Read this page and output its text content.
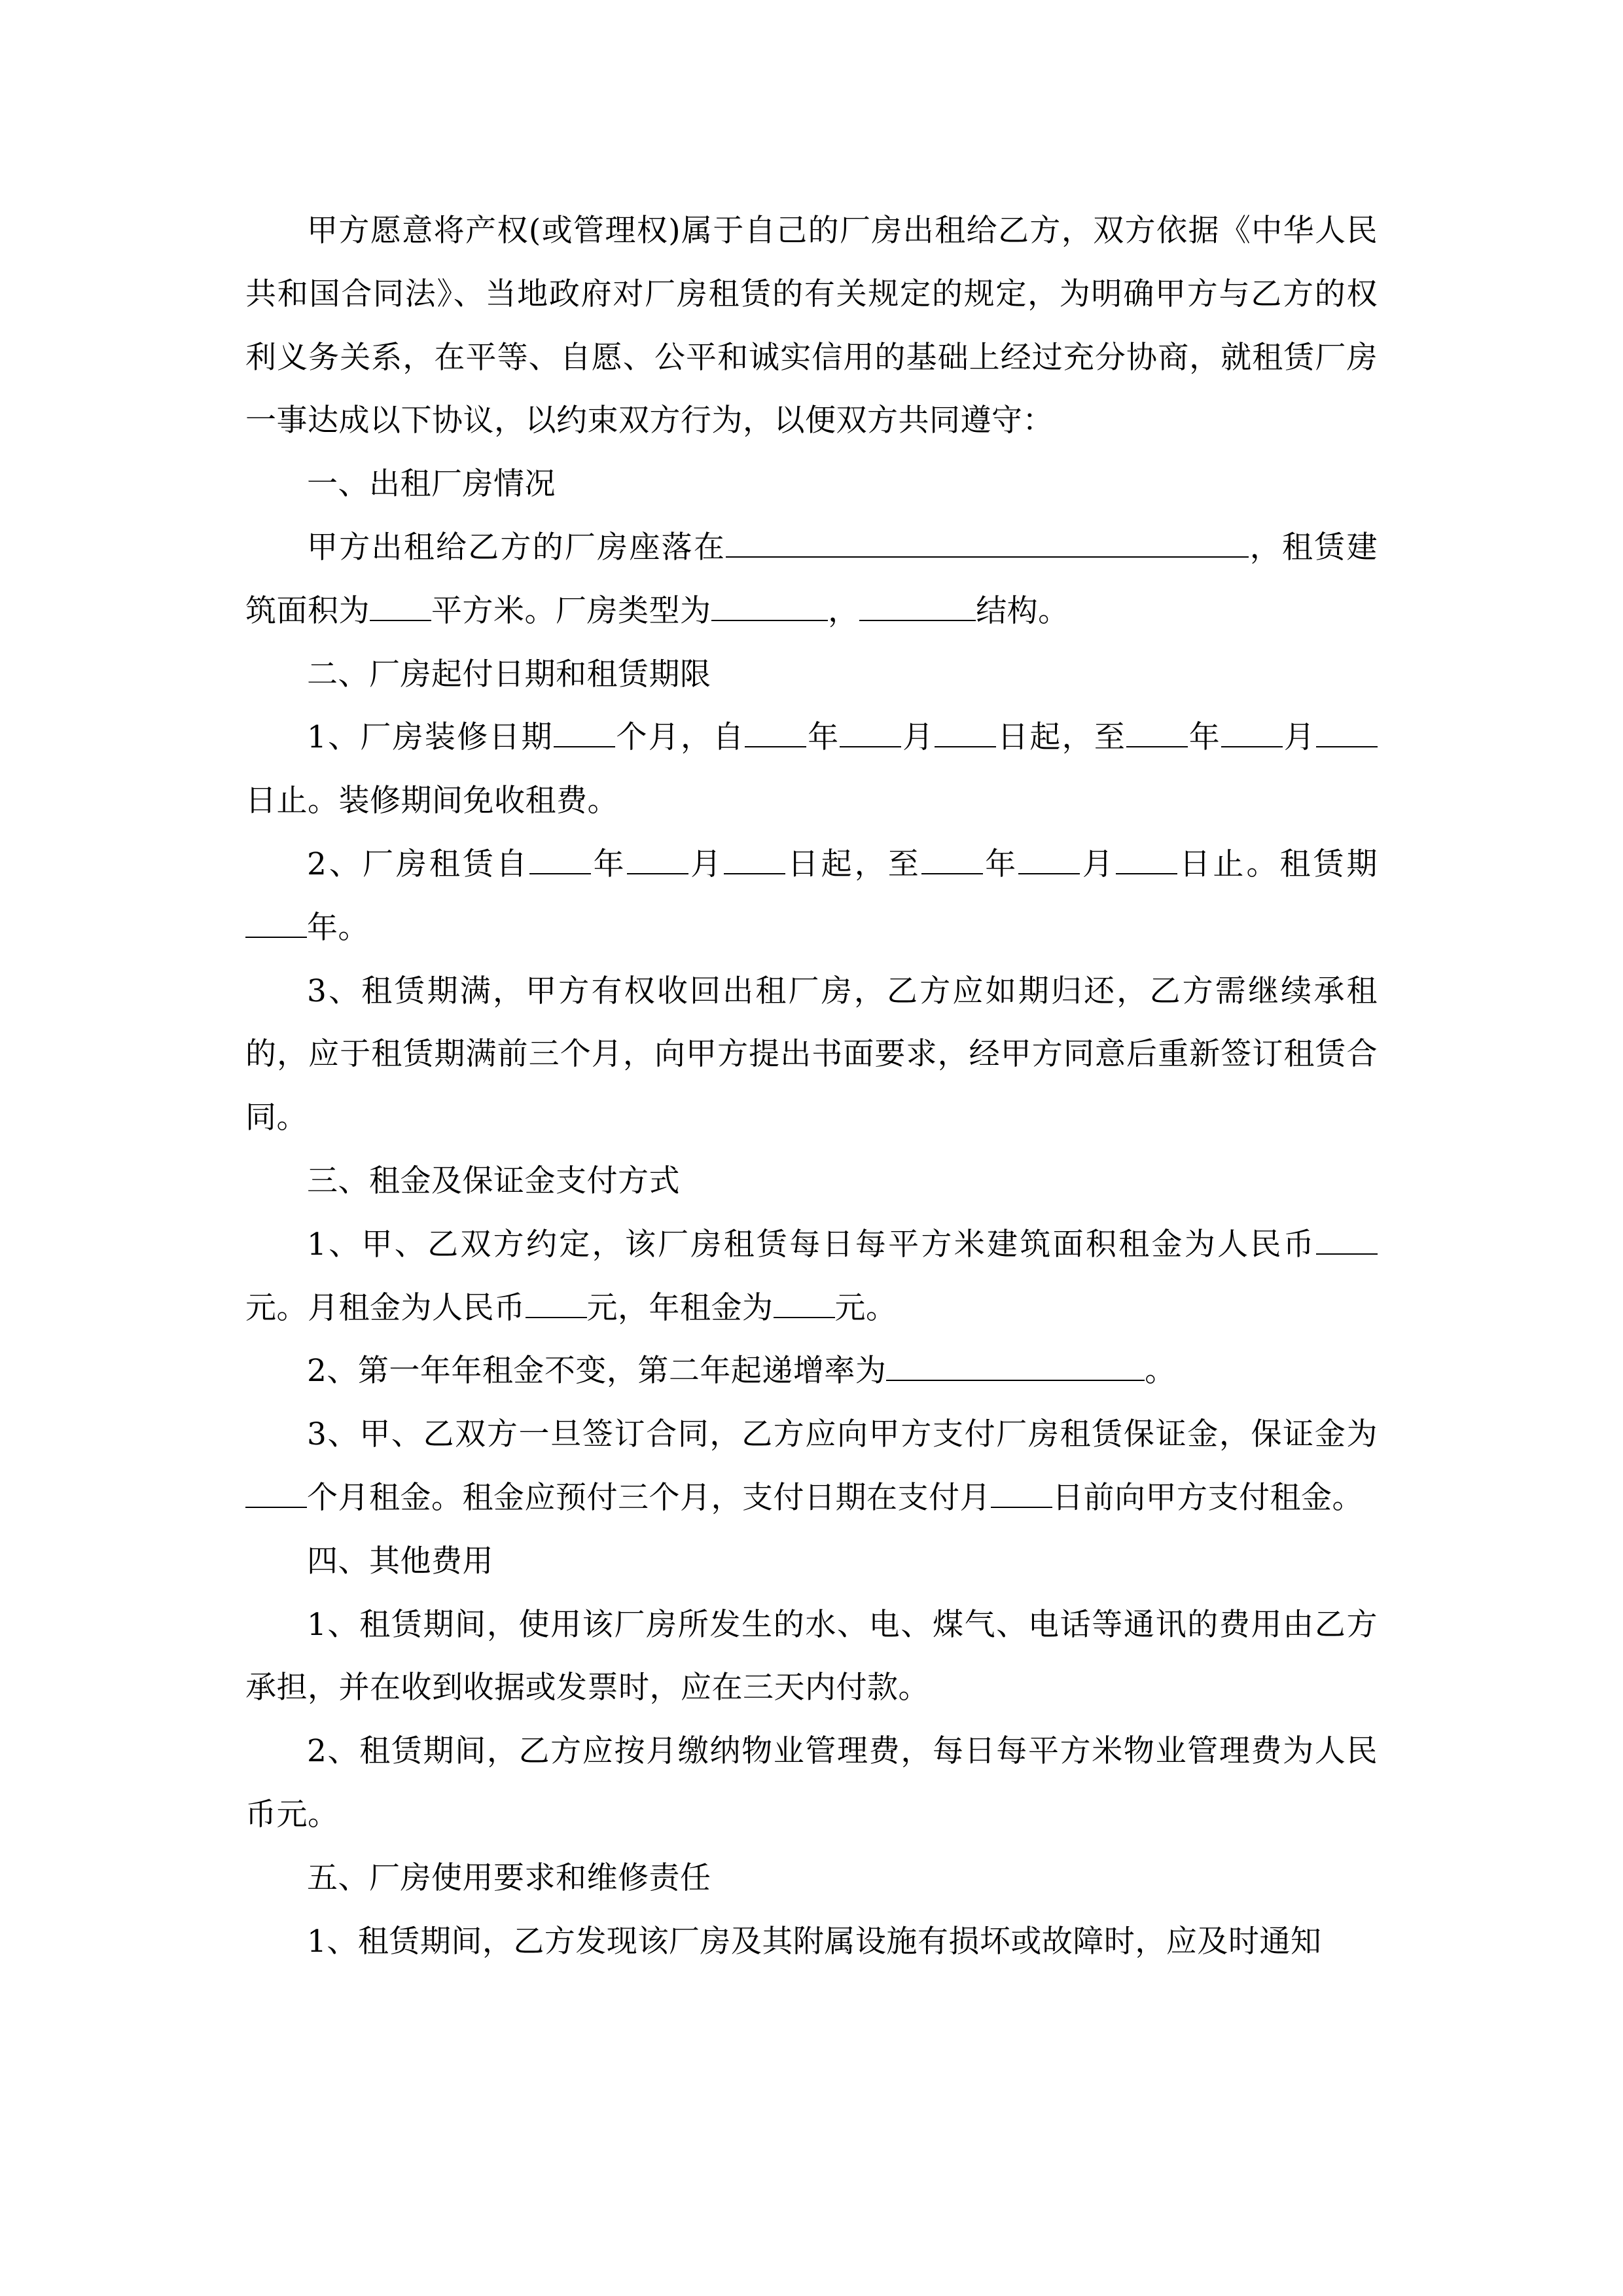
甲方愿意将产权(或管理权)属于自己的厂房出租给乙方，双方依据《中华人民共和国合同法》、当地政府对厂房租赁的有关规定的规定，为明确甲方与乙方的权利义务关系，在平等、自愿、公平和诚实信用的基础上经过充分协商，就租赁厂房一事达成以下协议，以约束双方行为，以便双方共同遵守：

一、出租厂房情况

甲方出租给乙方的厂房座落在	，租赁建筑面积为 平方米。厂房类型为	，	结构。

二、厂房起付日期和租赁期限

1、厂房装修日期 个月，自 年 月 日起，至 年 月日止。装修期间免收租费。

2、厂房租赁自 年 月 日起，至 年 月 日止。租赁期年。

3、租赁期满，甲方有权收回出租厂房，乙方应如期归还，乙方需继续承租的，应于租赁期满前三个月，向甲方提出书面要求，经甲方同意后重新签订租赁合同。

三、租金及保证金支付方式

1、甲、乙双方约定，该厂房租赁每日每平方米建筑面积租金为人民币元。月租金为人民币 元，年租金为 元。

2、第一年年租金不变，第二年起递增率为	。

3、甲、乙双方一旦签订合同，乙方应向甲方支付厂房租赁保证金，保证金为个月租金。租金应预付三个月，支付日期在支付月 日前向甲方支付租金。

四、其他费用

1、租赁期间，使用该厂房所发生的水、电、煤气、电话等通讯的费用由乙方承担，并在收到收据或发票时，应在三天内付款。

2、租赁期间，乙方应按月缴纳物业管理费，每日每平方米物业管理费为人民币元。

五、厂房使用要求和维修责任

1、租赁期间，乙方发现该厂房及其附属设施有损坏或故障时，应及时通知
